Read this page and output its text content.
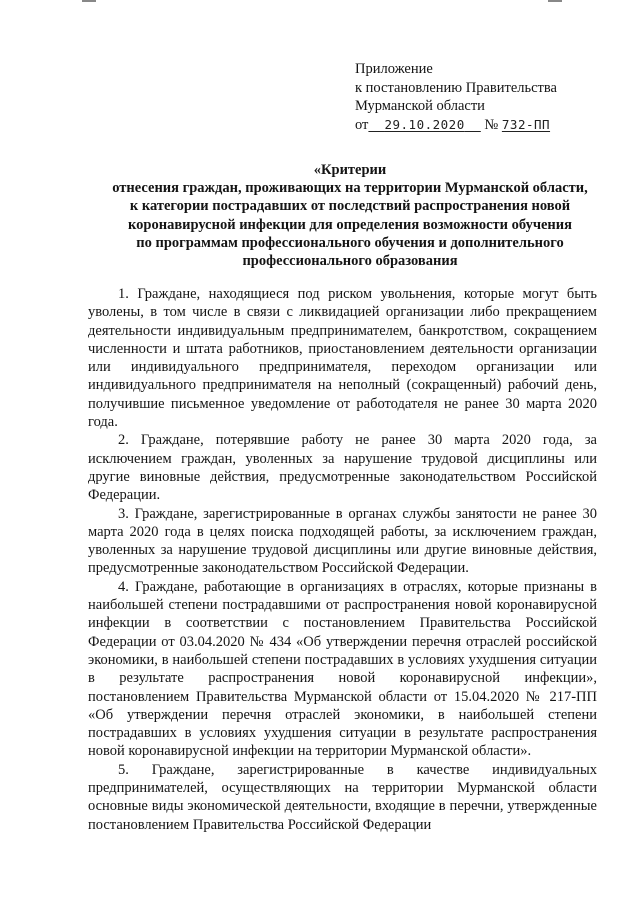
Приложение
к постановлению Правительства
Мурманской области
от 29.10.2020 № 732-ПП
«Критерии
отнесения граждан, проживающих на территории Мурманской области,
к категории пострадавших от последствий распространения новой
коронавирусной инфекции для определения возможности обучения
по программам профессионального обучения и дополнительного
профессионального образования

1. Граждане, находящиеся под риском увольнения, которые могут быть уволены, в том числе в связи с ликвидацией организации либо прекращением деятельности индивидуальным предпринимателем, банкротством, сокращением численности и штата работников, приостановлением деятельности организации или индивидуального предпринимателя, переходом организации или индивидуального предпринимателя на неполный (сокращенный) рабочий день, получившие письменное уведомление от работодателя не ранее 30 марта 2020 года.

2. Граждане, потерявшие работу не ранее 30 марта 2020 года, за исключением граждан, уволенных за нарушение трудовой дисциплины или другие виновные действия, предусмотренные законодательством Российской Федерации.

3. Граждане, зарегистрированные в органах службы занятости не ранее 30 марта 2020 года в целях поиска подходящей работы, за исключением граждан, уволенных за нарушение трудовой дисциплины или другие виновные действия, предусмотренные законодательством Российской Федерации.

4. Граждане, работающие в организациях в отраслях, которые признаны в наибольшей степени пострадавшими от распространения новой коронавирусной инфекции в соответствии с постановлением Правительства Российской Федерации от 03.04.2020 № 434 «Об утверждении перечня отраслей российской экономики, в наибольшей степени пострадавших в условиях ухудшения ситуации в результате распространения новой коронавирусной инфекции», постановлением Правительства Мурманской области от 15.04.2020 № 217-ПП «Об утверждении перечня отраслей экономики, в наибольшей степени пострадавших в условиях ухудшения ситуации в результате распространения новой коронавирусной инфекции на территории Мурманской области».

5. Граждане, зарегистрированные в качестве индивидуальных предпринимателей, осуществляющих на территории Мурманской области основные виды экономической деятельности, входящие в перечни, утвержденные постановлением Правительства Российской Федерации
